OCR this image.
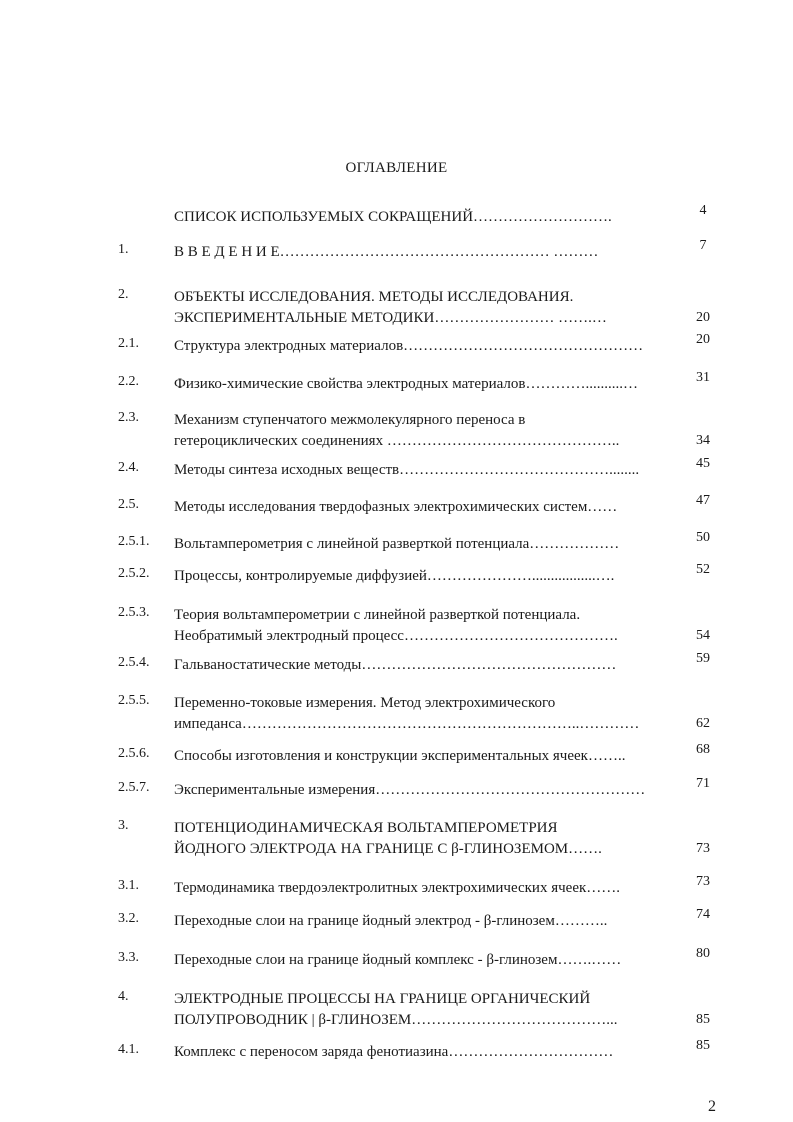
ОГЛАВЛЕНИЕ
СПИСОК ИСПОЛЬЗУЕМЫХ СОКРАЩЕНИЙ……………………….	4
1.	В В Е Д Е Н И Е……………………………………………… ………	7
2.	ОБЪЕКТЫ ИССЛЕДОВАНИЯ. МЕТОДЫ ИССЛЕДОВАНИЯ.
ЭКСПЕРИМЕНТАЛЬНЫЕ МЕТОДИКИ…………………… …….…	20
2.1. Структура электродных материалов…………………………………………	20
2.2. Физико-химические свойства электродных материалов…………..........…	31
2.3. Механизм ступенчатого межмолекулярного переноса в
гетероциклических соединениях ………………………………………..	34
2.4. Методы синтеза исходных веществ……………………………………........	45
2.5. Методы исследования твердофазных электрохимических систем……	47
2.5.1. Вольтамперометрия с линейной разверткой потенциала………………	50
2.5.2. Процессы, контролируемые диффузией………………….................….	52
2.5.3. Теория вольтамперометрии с линейной разверткой потенциала.
Необратимый электродный процесс…………………………………….	54
2.5.4. Гальваностатические методы……………………………………………	59
2.5.5. Переменно-токовые измерения. Метод электрохимического
импеданса…………………………………………………………..…………	62
2.5.6. Способы изготовления и конструкции экспериментальных ячеек……..	68
2.5.7. Экспериментальные измерения………………………………………………	71
3.	ПОТЕНЦИОДИНАМИЧЕСКАЯ ВОЛЬТАМПЕРОМЕТРИЯ
ЙОДНОГО ЭЛЕКТРОДА НА ГРАНИЦЕ С β-ГЛИНОЗЕМОМ…….	73
3.1. Термодинамика твердоэлектролитных электрохимических ячеек…….	73
3.2. Переходные слои на границе йодный электрод - β-глинозем………..	74
3.3. Переходные слои на границе йодный комплекс - β-глинозем…….……	80
4.	ЭЛЕКТРОДНЫЕ ПРОЦЕССЫ НА ГРАНИЦЕ ОРГАНИЧЕСКИЙ
ПОЛУПРОВОДНИК | β-ГЛИНОЗЕМ…………………………………...	85
4.1. Комплекс с переносом заряда фенотиазина……………………………	85
2
